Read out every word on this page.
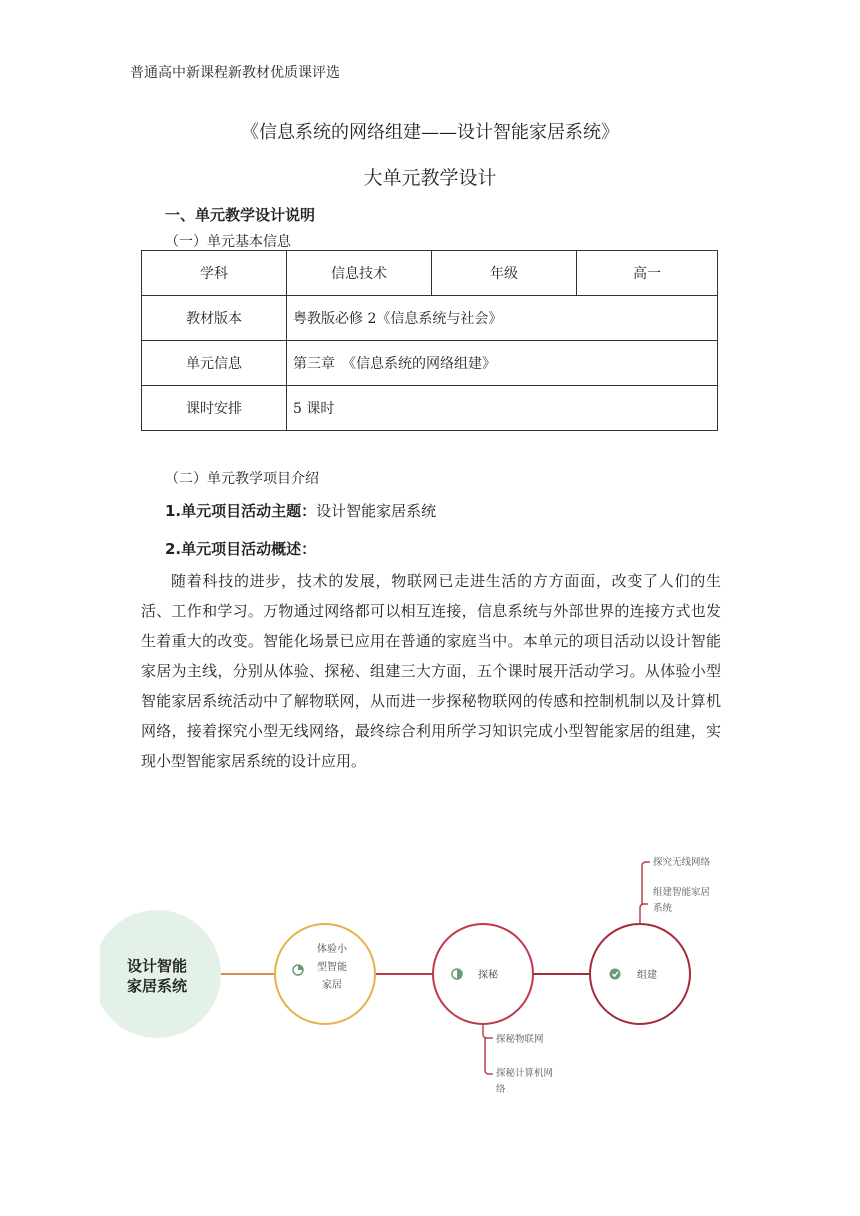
普通高中新课程新教材优质课评选
《信息系统的网络组建——设计智能家居系统》
大单元教学设计
一、单元教学设计说明
（一）单元基本信息
学科	信息技术	年级	高一
教材版本	粤教版必修 2《信息系统与社会》		
单元信息	第三章　《信息系统的网络组建》		
课时安排	5 课时		
（二）单元教学项目介绍
1.单元项目活动主题：设计智能家居系统
2.单元项目活动概述：
随着科技的进步，技术的发展，物联网已走进生活的方方面面，改变了人们的生活、工作和学习。万物通过网络都可以相互连接，信息系统与外部世界的连接方式也发生着重大的改变。智能化场景已应用在普通的家庭当中。本单元的项目活动以设计智能家居为主线，分别从体验、探秘、组建三大方面，五个课时展开活动学习。从体验小型智能家居系统活动中了解物联网，从而进一步探秘物联网的传感和控制机制以及计算机网络，接着探究小型无线网络，最终综合利用所学习知识完成小型智能家居的组建，实现小型智能家居系统的设计应用。
设计智能
家居系统
体验小
型智能
家居
探秘	组建
探究无线网络
组建智能家居
系统
探秘物联网
探秘计算机网
络
